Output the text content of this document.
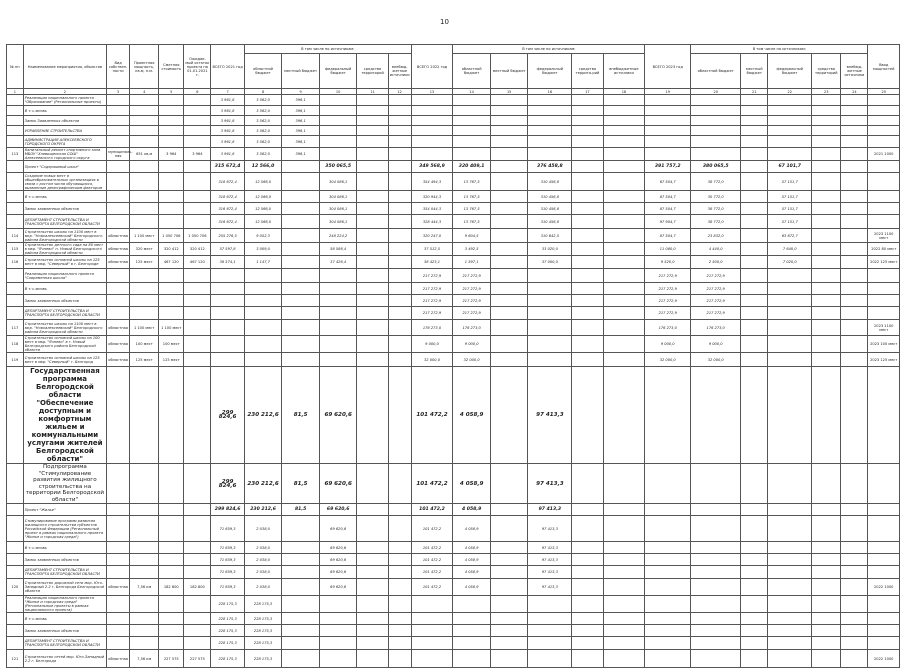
10
№ пп	Наименование мероприятия, объектов	Вид собствен-ности	Проектная мощность, кв.м, п.м.	Сметная стоимость	Ожидае-мый остаток проекта на 01.01.2021 г.	ВСЕГО 2021 год	В том числе по источникам:					ВСЕГО 2022 год	В том числе по источникам:					ВСЕГО 2023 год	В том числе по источникам:					Ввод мощностей
							областной бюджет	местный бюджет	федеральный бюджет	средства территорий	внебюд-жетные источники		областной бюджет	местный бюджет	федеральный бюджет	средства террито-рий	внебюджетные источники		областной бюджет	местный бюджет	федеральный бюджет	средства территорий	внебюд-жетные источники	
1	2	3	4	5	6	7	8	9	10	11	12	13	14	15	16	17	18	19	20	21	22	23	24	25
	Реализация национального проекта "Образование" (Региональные проекты)					3 961,8	3 562,0	396,1																
	В т.ч.:вновь					3 961,8	3 562,0	396,1																
	Замок Заявленных объектов					3 961,8	3 562,0	396,1																
	УПРАВЛЕНИЕ СТРОИТЕЛЬСТВА					3 961,8	3 562,0	396,1																
	АДМИНИСТРАЦИЯ АЛЕКСЕЕВСКОГО ГОРОДСКОГО ОКРУГА					3 961,8	3 562,0	396,1																
113	Капитальный ремонт спортивного зала МБОУ "Хлевищенская СОШ" Алексеевского городского округа	муниципаль-ная	651 кв.м	3 964	3 964	3 961,8	3 562,0	396,1																2021 1000
	Проект "Содержимый школ"					315 672,4	12 566,0		350 065,5			349 568,9	320 409,1		376 458,8			391 757,2	380 065,5		67 101,7			
	Создание новых мест в общеобразовательных организациях в связи с ростом числа обучающихся, вызванным демографическим фактором					318 672,4	12 566,0		304 086,1			354 494,3	13 767,5		310 456,8			67 504,7	38 772,0		57 151,7			
	В т.ч.:вновь					318 672,4	12 566,0		304 086,1			320 944,3	13 767,5		310 456,8			87 504,7	30 772,0		57 151,7			
	Замок заявленных объектов					316 672,4	12 566,0		304 086,1			354 044,3	13 767,5		310 456,8			87 504,7	38 772,0		57 151,7			
	ДЕПАРТАМЕНТ СТРОИТЕЛЬСТВА И ТРАНСПОРТА БЕЛГОРОДСКОЙ ОБЛАСТИ					316 672,4	12 566,0		304 086,1			328 444,3	13 767,5		310 456,8			97 904,7	38 772,0		57 151,7			
114	Строительство школы на 1100 мест в мкр. "Новоалексеевский" Белгородского района Белгородской области	областная	1 100 мест	1 050 706	1 050 706	255 276,5	9 052,3		248 224,2			320 247,0	9 604,5		310 642,5			87 504,7	23 832,0		63 672,7			2023 1100 мест
115	Строительство детского сада на 80 мест в мкр. "Ячнево" п. Новый Белгородского района Белгородской области	областная	320 мест	320 412	320 412	57 597,8	3 009,0		56 586,4			37 512,5	3 492,5		33 020,0			11 080,0	4 440,0		7 640,0			2022 80 мест
116	Строительство основной школы на 125 мест в мкр. "Северный" в г. Белгороде	областная	125 мест	467 120	467 120	38 574,1	1 147,7		37 426,4			38 423,1	1 597,1		37 000,0			9 520,0	2 500,0		7 020,0			2022 125 мест
	Реализация национального проекта "Современная школа"											217 272,9	217 272,9					217 272,9	217 272,9					
	В т.ч.:вновь											217 272,9	217 272,9					217 272,9	217 272,9					
	Замок заявленных объектов											217 272,9	217 272,9					217 272,9	217 272,9					
	ДЕПАРТАМЕНТ СТРОИТЕЛЬСТВА И ТРАНСПОРТА БЕЛГОРОДСКОЙ ОБЛАСТИ											217 272,9	217 272,9					217 272,9	217 272,9					
117	Строительство школы на 1100 мест в мкр. "Новоалексеевский" Белгородского района Белгородской области	областная	1 100 мест	1 100 мест								176 273,0	176 273,0					176 273,0	176 273,0					2023 1100 мест
118	Строительство основной школы на 100 мест в мкр. "Ячнево" в г. Новый Белгородского района Белгородской области	областная	100 мест	100 мест								9 000,0	9 000,0					9 000,0	9 000,0					2023 100 мест
119	Строительство основной школы на 125 мест в мкр. "Северный" г. Белгород	областная	125 мест	125 мест								32 000,0	32 000,0					32 000,0	32 000,0					2023 125 мест
	Государственная программа Белгородской области "Обеспечение доступным и комфортным жильем и коммунальными услугами жителей Белгородской области"					299 824,6	230 212,6	81,5	69 620,6			101 472,2	4 058,9		97 413,3									
	Подпрограмма "Стимулирование развития жилищного строительства на территории Белгородской области"					299 824,6	230 212,6	81,5	69 620,6			101 472,2	4 058,9		97 413,3									
	Проект "Жилье"					299 824,6	230 212,6	81,5	69 620,6			101 472,2	4 058,9		97 413,3									
	Стимулирование программ развития жилищного строительства субъектов Российской Федерации (Региональный проект в рамках национального проекта "Жилье и городская среда")					71 659,3	2 038,0		69 620,6			101 472,2	4 058,9		97 413,3									
	В т.ч.:вновь					71 659,3	2 038,0		69 620,6			101 472,2	4 058,9		97 413,3									
	Замок заявленных объектов					71 659,3	2 038,0		69 620,6			101 472,2	4 058,9		97 413,3									
	ДЕПАРТАМЕНТ СТРОИТЕЛЬСТВА И ТРАНСПОРТА БЕЛГОРОДСКОЙ ОБЛАСТИ					71 659,3	2 038,0		69 620,6			101 472,2	4 058,9		97 413,3									
120	Строительство дорожной сети мкр. Юго-Западный 2.2 г. Белгорода Белгородской области	областная	7,56 км	182 800	182 800	71 659,3	2 038,0		69 620,6			101 472,2	4 058,9		97 413,3									2022 1000
	Реализация национального проекта "Жилье и городская среда" (Региональные проекты в рамках национального проекта)					228 175,3	228 175,3																	
	В т.ч.:вновь					228 175,3	228 175,3																	
	Замок заявленных объектов					228 175,3	228 175,3																	
	ДЕПАРТАМЕНТ СТРОИТЕЛЬСТВА И ТРАНСПОРТА БЕЛГОРОДСКОЙ ОБЛАСТИ					228 175,3	228 175,3																	
121	Строительство сетей мкр. Юго-Западный 2.2 г. Белгорода	областная	7,56 км	227 575	227 575	228 175,3	228 175,3																	2022 1000
